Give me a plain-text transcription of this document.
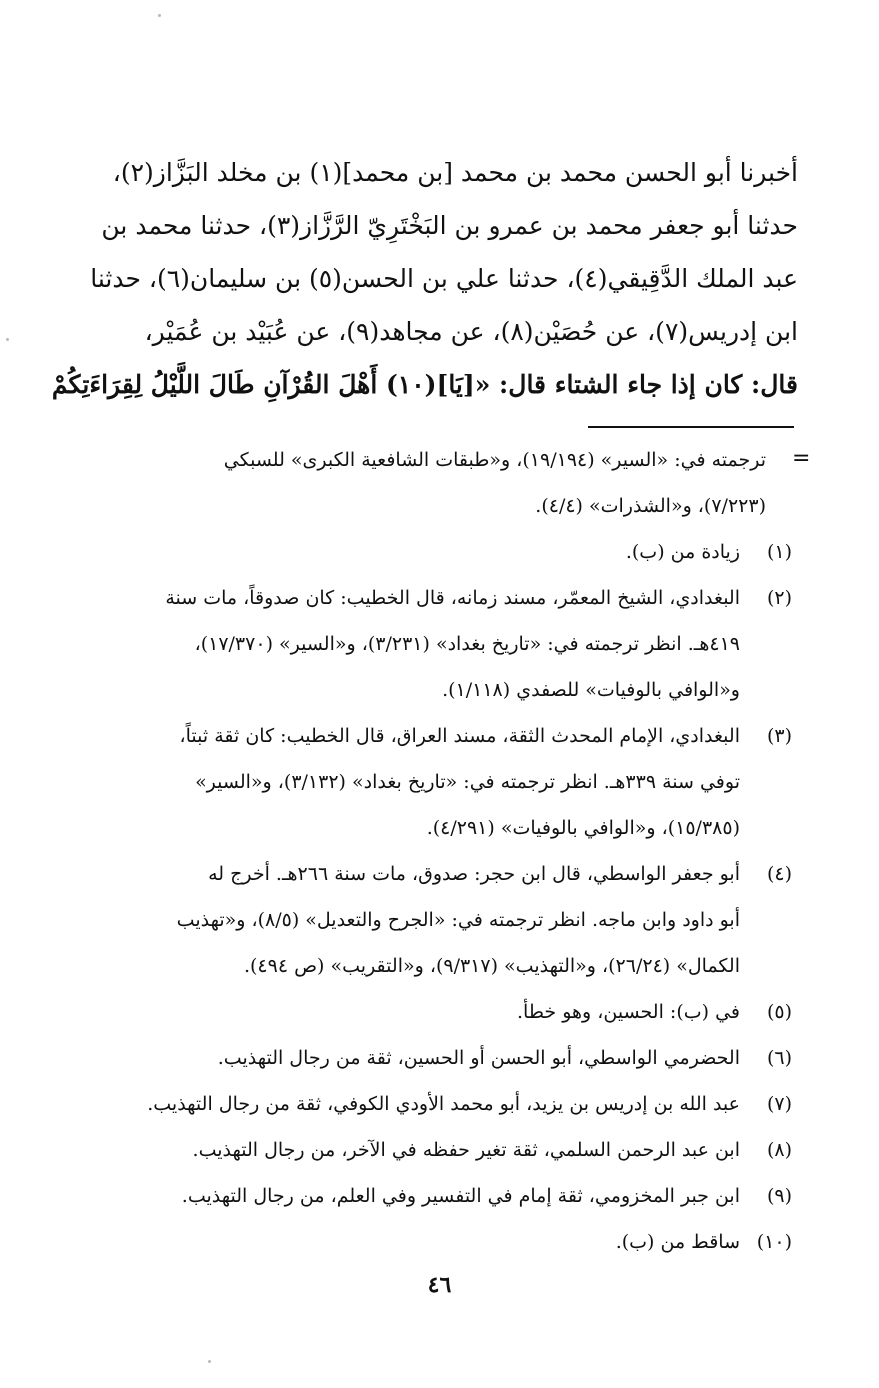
أخبرنا أبو الحسن محمد بن محمد [بن محمد](١) بن مخلد البَزَّاز(٢)،
حدثنا أبو جعفر محمد بن عمرو بن البَخْتَرِيّ الرَّزَّاز(٣)، حدثنا محمد بن
عبد الملك الدَّقِيقي(٤)، حدثنا علي بن الحسن(٥) بن سليمان(٦)، حدثنا
ابن إدريس(٧)، عن حُصَيْن(٨)، عن مجاهد(٩)، عن عُبَيْد بن عُمَيْر،
قال: كان إذا جاء الشتاء قال: «[يَا](١٠) أَهْلَ القُرْآنِ طَالَ اللَّيْلُ لِقِرَاءَتِكُمْ
=
ترجمته في: «السير» (١٩/١٩٤)، و«طبقات الشافعية الكبرى» للسبكي
(٧/٢٢٣)، و«الشذرات» (٤/٤).
(١)
زيادة من (ب).
(٢)
البغدادي، الشيخ المعمّر، مسند زمانه، قال الخطيب: كان صدوقاً، مات سنة
٤١٩هـ. انظر ترجمته في: «تاريخ بغداد» (٣/٢٣١)، و«السير» (١٧/٣٧٠)،
و«الوافي بالوفيات» للصفدي (١/١١٨).
(٣)
البغدادي، الإمام المحدث الثقة، مسند العراق، قال الخطيب: كان ثقة ثبتاً،
توفي سنة ٣٣٩هـ. انظر ترجمته في: «تاريخ بغداد» (٣/١٣٢)، و«السير»
(١٥/٣٨٥)، و«الوافي بالوفيات» (٤/٢٩١).
(٤)
أبو جعفر الواسطي، قال ابن حجر: صدوق، مات سنة ٢٦٦هـ. أخرج له
أبو داود وابن ماجه. انظر ترجمته في: «الجرح والتعديل» (٨/٥)، و«تهذيب
الكمال» (٢٦/٢٤)، و«التهذيب» (٩/٣١٧)، و«التقريب» (ص ٤٩٤).
(٥)
في (ب): الحسين، وهو خطأ.
(٦)
الحضرمي الواسطي، أبو الحسن أو الحسين، ثقة من رجال التهذيب.
(٧)
عبد الله بن إدريس بن يزيد، أبو محمد الأودي الكوفي، ثقة من رجال التهذيب.
(٨)
ابن عبد الرحمن السلمي، ثقة تغير حفظه في الآخر، من رجال التهذيب.
(٩)
ابن جبر المخزومي، ثقة إمام في التفسير وفي العلم، من رجال التهذيب.
(١٠)
ساقط من (ب).
٤٦
